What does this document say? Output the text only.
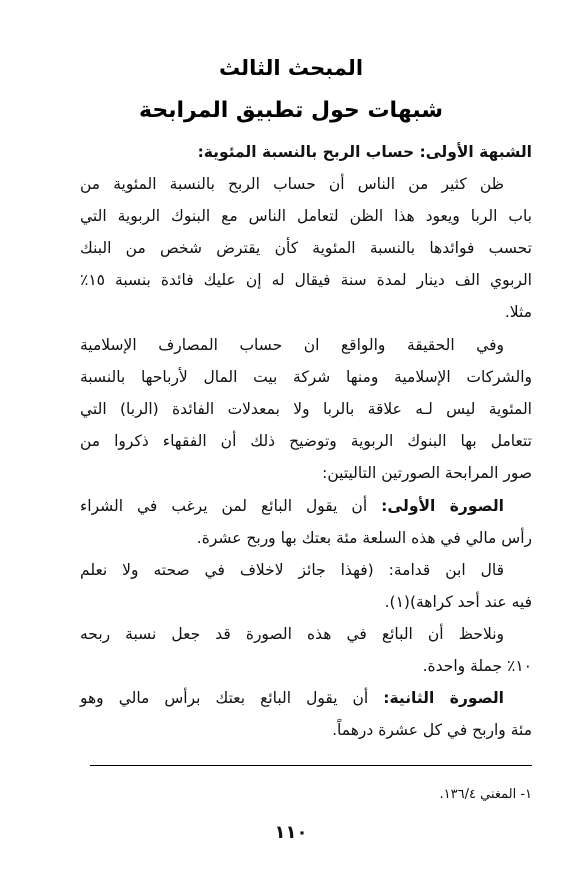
المبحث الثالث
شبهات حول تطبيق المرابحة
الشبهة الأولى: حساب الربح بالنسبة المئوية:
ظن كثير من الناس أن حساب الربح بالنسبة المئوية من
باب الربا ويعود هذا الظن لتعامل الناس مع البنوك الربوية التي
تحسب فوائدها بالنسبة المئوية كأن يقترض شخص من البنك
الربوي الف دينار لمدة سنة فيقال له إن عليك فائدة بنسبة ١٥٪
مثلا.
وفي الحقيقة والواقع ان حساب المصارف الإسلامية
والشركات الإسلامية ومنها شركة بيت المال لأرباحها بالنسبة
المئوية ليس لـه علاقة بالربا ولا بمعدلات الفائدة (الربا) التي
تتعامل بها البنوك الربوية وتوضيح ذلك أن الفقهاء ذكروا من
صور المرابحة الصورتين التاليتين:
الصورة الأولى: أن يقول البائع لمن يرغب في الشراء
رأس مالي في هذه السلعة مئة بعتك بها وربح عشرة.
قال ابن قدامة: (فهذا جائز لاخلاف في صحته ولا نعلم
فيه عند أحد كراهة)(١).
ونلاحظ أن البائع في هذه الصورة قد جعل نسبة ربحه
١٠٪ جملة واحدة.
الصورة الثانية: أن يقول البائع بعتك برأس مالي وهو
مئة واربح في كل عشرة درهماً.
١- المغني ١٣٦/٤.
١١٠
